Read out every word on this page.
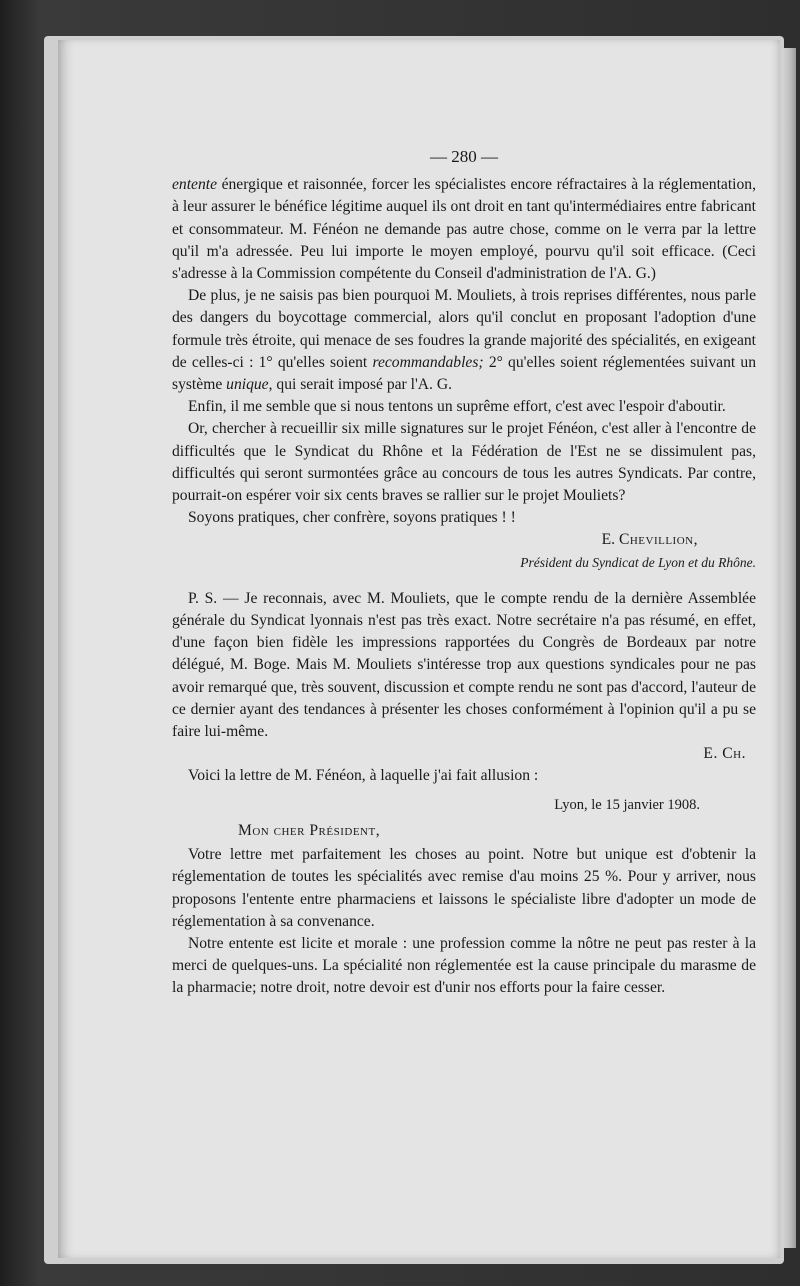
— 280 —

entente énergique et raisonnée, forcer les spécialistes encore réfractaires à la réglementation, à leur assurer le bénéfice légitime auquel ils ont droit en tant qu'intermédiaires entre fabricant et consommateur. M. Fénéon ne demande pas autre chose, comme on le verra par la lettre qu'il m'a adressée. Peu lui importe le moyen employé, pourvu qu'il soit efficace. (Ceci s'adresse à la Commission compétente du Conseil d'administration de l'A. G.)

De plus, je ne saisis pas bien pourquoi M. Mouliets, à trois reprises différentes, nous parle des dangers du boycottage commercial, alors qu'il conclut en proposant l'adoption d'une formule très étroite, qui menace de ses foudres la grande majorité des spécialités, en exigeant de celles-ci : 1° qu'elles soient recommandables; 2° qu'elles soient réglementées suivant un système unique, qui serait imposé par l'A. G.

Enfin, il me semble que si nous tentons un suprême effort, c'est avec l'espoir d'aboutir.

Or, chercher à recueillir six mille signatures sur le projet Fénéon, c'est aller à l'encontre de difficultés que le Syndicat du Rhône et la Fédération de l'Est ne se dissimulent pas, difficultés qui seront surmontées grâce au concours de tous les autres Syndicats. Par contre, pourrait-on espérer voir six cents braves se rallier sur le projet Mouliets?

Soyons pratiques, cher confrère, soyons pratiques ! !

E. Chevillion,

Président du Syndicat de Lyon et du Rhône.

P. S. — Je reconnais, avec M. Mouliets, que le compte rendu de la dernière Assemblée générale du Syndicat lyonnais n'est pas très exact. Notre secrétaire n'a pas résumé, en effet, d'une façon bien fidèle les impressions rapportées du Congrès de Bordeaux par notre délégué, M. Boge. Mais M. Mouliets s'intéresse trop aux questions syndicales pour ne pas avoir remarqué que, très souvent, discussion et compte rendu ne sont pas d'accord, l'auteur de ce dernier ayant des tendances à présenter les choses conformément à l'opinion qu'il a pu se faire lui-même.

E. Ch.

Voici la lettre de M. Fénéon, à laquelle j'ai fait allusion :

Lyon, le 15 janvier 1908.

Mon cher Président,

Votre lettre met parfaitement les choses au point. Notre but unique est d'obtenir la réglementation de toutes les spécialités avec remise d'au moins 25 %. Pour y arriver, nous proposons l'entente entre pharmaciens et laissons le spécialiste libre d'adopter un mode de réglementation à sa convenance.

Notre entente est licite et morale : une profession comme la nôtre ne peut pas rester à la merci de quelques-uns. La spécialité non réglementée est la cause principale du marasme de la pharmacie; notre droit, notre devoir est d'unir nos efforts pour la faire cesser.
